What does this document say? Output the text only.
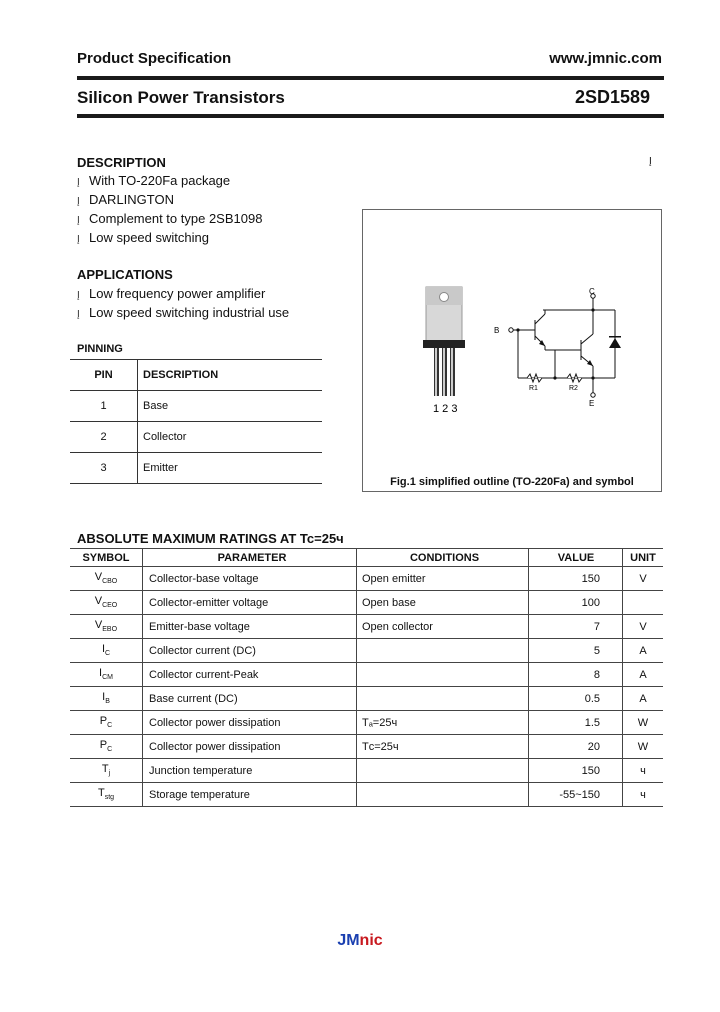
Product Specification	www.jmnic.com
Silicon Power Transistors	2SD1589
Į
DESCRIPTION
Į With TO-220Fa package
Į DARLINGTON
Į Complement to type 2SB1098
Į Low speed switching
APPLICATIONS
Į Low frequency power amplifier
Į Low speed switching industrial use
PINNING
PIN	DESCRIPTION
1	Base
2	Collector
3	Emitter
1 2 3
C
B
E
R1	R2
Fig.1 simplified outline (TO-220Fa) and symbol
ABSOLUTE MAXIMUM RATINGS AT Tc=25ч
SYMBOL	PARAMETER	CONDITIONS	VALUE	UNIT
$V_{CBO}$	Collector-base voltage	Open emitter	150	V
$V_{CEO}$	Collector-emitter voltage	Open base	100	
$V_{EBO}$	Emitter-base voltage	Open collector	7	V
$I_C$	Collector current (DC)		5	A
$I_{CM}$	Collector current-Peak		8	A
$I_B$	Base current (DC)		0.5	A
$P_C$	Collector power dissipation	Tₐ=25ч	1.5	W
$P_C$	Collector power dissipation	Tᴄ=25ч	20	W
$T_j$	Junction temperature		150	ч
$T_{stg}$	Storage temperature		-55~150	ч
JMnic
